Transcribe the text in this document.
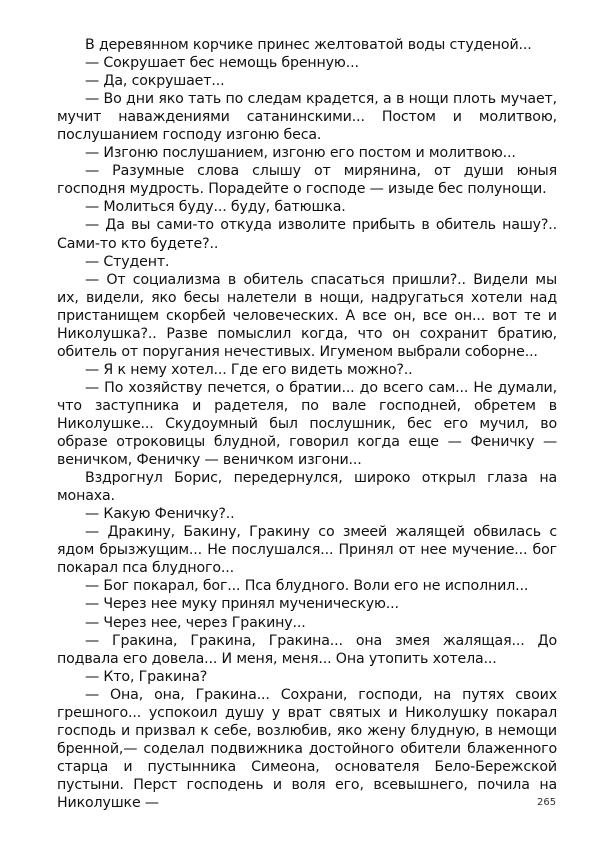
В деревянном корчике принес желтоватой воды студеной...

— Сокрушает бес немощь бренную...

— Да, сокрушает...

— Во дни яко тать по следам крадется, а в нощи плоть мучает, мучит наваждениями сатанинскими... Постом и молитвою, послушанием господу изгоню беса.

— Изгоню послушанием, изгоню его постом и молитвою...

— Разумные слова слышу от мирянина, от души юныя господня мудрость. Порадейте о господе — изыде бес полунощи.

— Молиться буду... буду, батюшка.

— Да вы сами-то откуда изволите прибыть в обитель нашу?.. Сами-то кто будете?..

— Студент.

— От социализма в обитель спасаться пришли?.. Видели мы их, видели, яко бесы налетели в нощи, надругаться хотели над пристанищем скорбей человеческих. А все он, все он... вот те и Николушка?.. Разве помыслил когда, что он сохранит братию, обитель от поругания нечестивых. Игуменом выбрали соборне...

— Я к нему хотел... Где его видеть можно?..

— По хозяйству печется, о братии... до всего сам... Не думали, что заступника и радетеля, по вале господней, обретем в Николушке... Скудоумный был послушник, бес его мучил, во образе отроковицы блудной, говорил когда еще — Феничку — веничком, Феничку — веничком изгони...

Вздрогнул Борис, передернулся, широко открыл глаза на монаха.

— Какую Феничку?..

— Дракину, Бакину, Гракину со змеей жалящей обвилась с ядом брызжущим... Не послушался... Принял от нее мучение... бог покарал пса блудного...

— Бог покарал, бог... Пса блудного. Воли его не исполнил...

— Через нее муку принял мученическую...

— Через нее, через Гракину...

— Гракина, Гракина, Гракина... она змея жалящая... До подвала его довела... И меня, меня... Она утопить хотела...

— Кто, Гракина?

— Она, она, Гракина... Сохрани, господи, на путях своих грешного... успокоил душу у врат святых и Николушку покарал господь и призвал к себе, возлюбив, яко жену блудную, в немощи бренной,— соделал подвижника достойного обители блаженного старца и пустынника Симеона, основателя Бело-Бережской пустыни. Перст господень и воля его, всевышнего, почила на Николушке —	265
